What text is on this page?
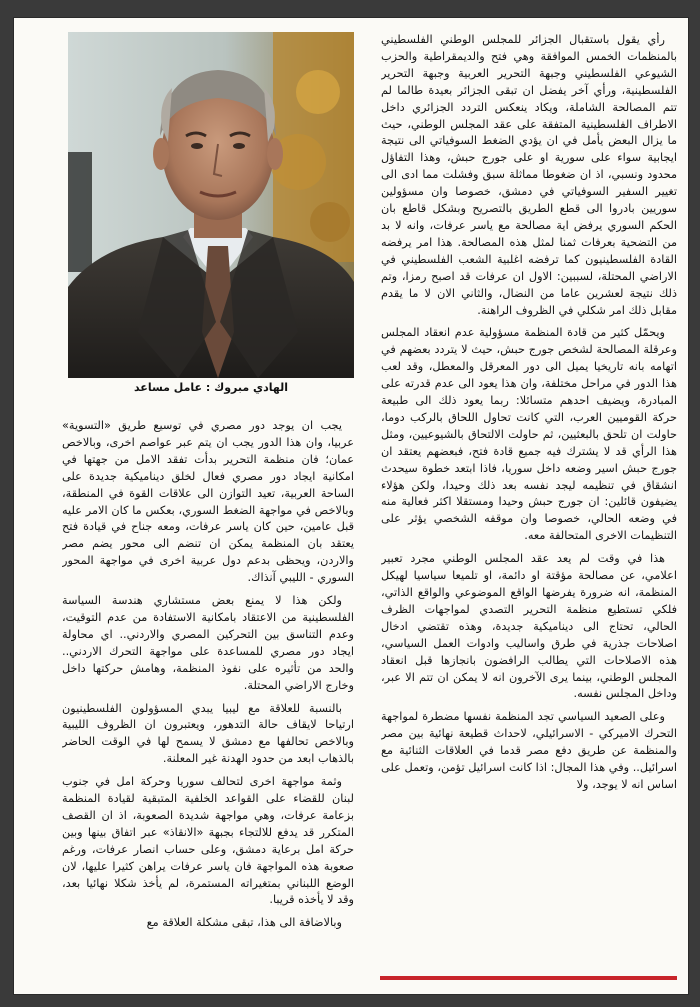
الهادي مبروك : عامل مساعد

رأي يقول باستقبال الجزائر للمجلس الوطني الفلسطيني بالمنظمات الخمس الموافقة وهي فتح والديمقراطية والحزب الشيوعي الفلسطيني وجبهة التحرير العربية وجبهة التحرير الفلسطينية، ورأي آخر يفضل ان تبقى الجزائر بعيدة طالما لم تتم المصالحة الشاملة، ويكاد ينعكس التردد الجزائري داخل الاطراف الفلسطينية المتفقة على عقد المجلس الوطني، حيث ما يزال البعض يأمل في ان يؤدي الضغط السوفياتي الى نتيجة ايجابية سواء على سورية او على جورج حبش، وهذا التفاؤل محدود ونسبي، اذ ان ضغوطا مماثلة سبق وفشلت مما ادى الى تغيير السفير السوفياتي في دمشق، خصوصا وان مسؤولين سوريين بادروا الى قطع الطريق بالتصريح وبشكل قاطع بان الحكم السوري يرفض اية مصالحة مع ياسر عرفات، وانه لا بد من التضحية بعرفات ثمنا لمثل هذه المصالحة. هذا امر يرفضه القادة الفلسطينيون كما ترفضه اغلبية الشعب الفلسطيني في الاراضي المحتلة، لسببين: الاول ان عرفات قد اصبح رمزا، وتم ذلك نتيجة لعشرين عاما من النضال، والثاني الان لا ما يقدم مقابل ذلك امر شكلي في الظروف الراهنة.

ويحمّل كثير من قادة المنظمة مسؤولية عدم انعقاد المجلس وعرقلة المصالحة لشخص جورج حبش، حيث لا يتردد بعضهم في اتهامه بانه تاريخيا يميل الى دور المعرقل والمعطل، وقد لعب هذا الدور في مراحل مختلفة، وان هذا يعود الى عدم قدرته على المبادرة، ويضيف احدهم متسائلا: ربما يعود ذلك الى طبيعة حركة القوميين العرب، التي كانت تحاول اللحاق بالركب دوما، حاولت ان تلحق بالبعثيين، ثم حاولت الالتحاق بالشيوعيين، ومثل هذا الرأي قد لا يشترك فيه جميع قادة فتح، فبعضهم يعتقد ان جورج حبش اسير وضعه داخل سوريا، فاذا ابتعد خطوة سيحدث انشقاق في تنظيمه ليجد نفسه بعد ذلك وحيدا، ولكن هؤلاء يضيفون قائلين: ان جورج حبش وحيدا ومستقلا اكثر فعالية منه في وضعه الحالي، خصوصا وان موقفه الشخصي يؤثر على التنظيمات الاخرى المتحالفة معه.

هذا في وقت لم يعد عقد المجلس الوطني مجرد تعبير اعلامي، عن مصالحة مؤقتة او دائمة، او تلميعا سياسيا لهيكل المنظمة، انه ضرورة يفرضها الواقع الموضوعي والواقع الذاتي، فلكي تستطيع منظمة التحرير التصدي لمواجهات الظرف الحالي، تحتاج الى ديناميكية جديدة، وهذه تقتضي ادخال اصلاحات جذرية في طرق واساليب وادوات العمل السياسي، هذه الاصلاحات التي يطالب الرافضون بانجازها قبل انعقاد المجلس الوطني، بينما يرى الآخرون انه لا يمكن ان تتم الا عبر، وداخل المجلس نفسه.

وعلى الصعيد السياسي تجد المنظمة نفسها مضطرة لمواجهة التحرك الاميركي - الاسرائيلي، لاحداث قطيعة نهائية بين مصر والمنظمة عن طريق دفع مصر قدما في العلاقات الثنائية مع اسرائيل.. وفي هذا المجال: اذا كانت اسرائيل تؤمن، وتعمل على اساس انه لا يوجد، ولا

يجب ان يوجد دور مصري في توسيع طريق «التسوية» عربيا، وان هذا الدور يجب ان يتم عبر عواصم اخرى، وبالاخص عمان؛ فان منظمة التحرير بدأت تفقد الامل من جهتها في امكانية ايجاد دور مصري فعال لخلق ديناميكية جديدة على الساحة العربية، تعيد التوازن الى علاقات القوة في المنطقة، وبالاخص في مواجهة الضغط السوري، بعكس ما كان الامر عليه قبل عامين، حين كان ياسر عرفات، ومعه جناح في قيادة فتح يعتقد بان المنظمة يمكن ان تنضم الى محور يضم مصر والاردن، ويحظى بدعم دول عربية اخرى في مواجهة المحور السوري - الليبي آنذاك.

ولكن هذا لا يمنع بعض مستشاري هندسة السياسة الفلسطينية من الاعتقاد بامكانية الاستفادة من عدم التوقيت، وعدم التناسق بين التحركين المصري والاردني.. اي محاولة ايجاد دور مصري للمساعدة على مواجهة التحرك الاردني.. والحد من تأثيره على نفوذ المنظمة، وهامش حركتها داخل وخارج الاراضي المحتلة.

بالنسبة للعلاقة مع ليبيا يبدي المسؤولون الفلسطينيون ارتياحا لايقاف حالة التدهور، ويعتبرون ان الظروف الليبية وبالاخص تحالفها مع دمشق لا يسمح لها في الوقت الحاضر بالذهاب ابعد من حدود الهدنة غير المعلنة.

وثمة مواجهة اخرى لتحالف سوريا وحركة امل في جنوب لبنان للقضاء على القواعد الخلفية المتبقية لقيادة المنظمة بزعامة عرفات، وهي مواجهة شديدة الصعوبة، اذ ان القصف المتكرر قد يدفع للالتجاء بجبهة «الانقاذ» عبر اتفاق بينها وبين حركة امل برعاية دمشق، وعلى حساب انصار عرفات، ورغم صعوبة هذه المواجهة فان ياسر عرفات يراهن كثيرا عليها، لان الوضع اللبناني بمتغيراته المستمرة، لم يأخذ شكلا نهائيا بعد، وقد لا يأخذه قريبا.

وبالاضافة الى هذا، تبقى مشكلة العلاقة مع
